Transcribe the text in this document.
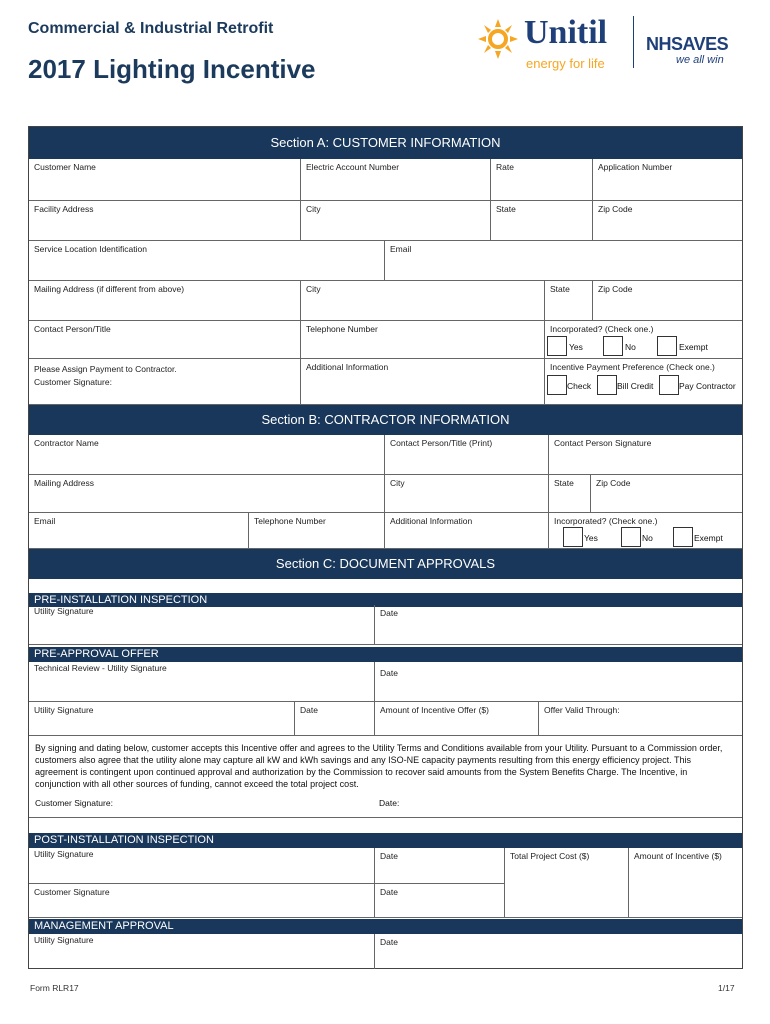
Commercial & Industrial Retrofit
2017 Lighting Incentive
Unitil
energy for life
NHSAVES
we all win
Section A: CUSTOMER INFORMATION
Customer Name	Electric Account Number	Rate	Application Number
Facility Address	City	State	Zip Code
Service Location Identification	Email
Mailing Address (if different from above)	City	State	Zip Code
Contact Person/Title	Telephone Number	Incorporated? (Check one.)
Yes	No	Exempt
Please Assign Payment to Contractor.
Customer Signature:
Additional Information	Incentive Payment Preference (Check one.)
Check	Bill Credit	Pay Contractor
Section B: CONTRACTOR INFORMATION
Contractor Name	Contact Person/Title (Print)	Contact Person Signature
Mailing Address	City	State	Zip Code
Email	Telephone Number	Additional Information	Incorporated? (Check one.)
Yes	No	Exempt
Section C: DOCUMENT APPROVALS
PRE-INSTALLATION INSPECTION
Utility Signature	Date
PRE-APPROVAL OFFER
Technical Review - Utility Signature	Date
Utility Signature	Date	Amount of Incentive Offer ($)	Offer Valid Through:
By signing and dating below, customer accepts this Incentive offer and agrees to the Utility Terms and Conditions available from your Utility. Pursuant to a Commission order, customers also agree that the utility alone may capture all kW and kWh savings and any ISO-NE capacity payments resulting from this energy efficiency project. This agreement is contingent upon continued approval and authorization by the Commission to recover said amounts from the System Benefits Charge. The Incentive, in conjunction with all other sources of funding, cannot exceed the total project cost.
Customer Signature:	Date:
POST-INSTALLATION INSPECTION
Utility Signature	Date	Total Project Cost ($)	Amount of Incentive ($)
Customer Signature	Date
MANAGEMENT APPROVAL
Utility Signature	Date
Form RLR17	1/17
